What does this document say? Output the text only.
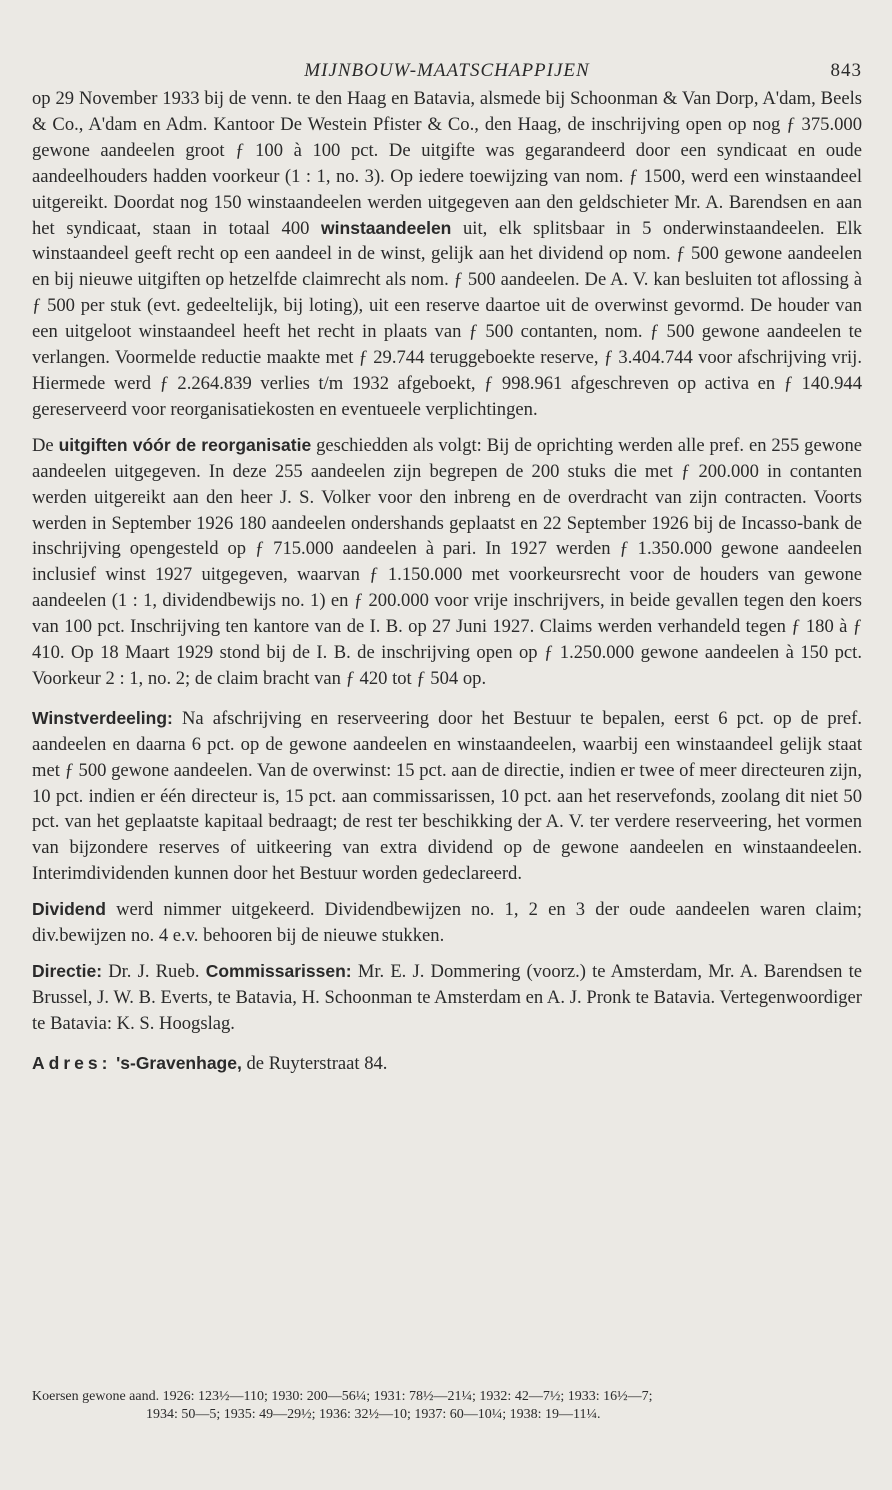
MIJNBOUW-MAATSCHAPPIJEN	843

op 29 November 1933 bij de venn. te den Haag en Batavia, alsmede bij Schoonman & Van Dorp, A'dam, Beels & Co., A'dam en Adm. Kantoor De Westein Pfister & Co., den Haag, de inschrijving open op nog ƒ 375.000 gewone aandeelen groot ƒ 100 à 100 pct. De uitgifte was gegarandeerd door een syndicaat en oude aandeelhouders hadden voorkeur (1 : 1, no. 3). Op iedere toewijzing van nom. ƒ 1500, werd een winstaandeel uitgereikt. Doordat nog 150 winstaandeelen werden uitgegeven aan den geldschieter Mr. A. Barendsen en aan het syndicaat, staan in totaal 400 winstaandeelen uit, elk splitsbaar in 5 onderwinstaandeelen. Elk winstaandeel geeft recht op een aandeel in de winst, gelijk aan het dividend op nom. ƒ 500 gewone aandeelen en bij nieuwe uitgiften op hetzelfde claimrecht als nom. ƒ 500 aandeelen. De A. V. kan besluiten tot aflossing à ƒ 500 per stuk (evt. gedeeltelijk, bij loting), uit een reserve daartoe uit de overwinst gevormd. De houder van een uitgeloot winstaandeel heeft het recht in plaats van ƒ 500 contanten, nom. ƒ 500 gewone aandeelen te verlangen. Voormelde reductie maakte met ƒ 29.744 teruggeboekte reserve, ƒ 3.404.744 voor afschrijving vrij. Hiermede werd ƒ 2.264.839 verlies t/m 1932 afgeboekt, ƒ 998.961 afgeschreven op activa en ƒ 140.944 gereserveerd voor reorganisatiekosten en eventueele verplichtingen.

De uitgiften vóór de reorganisatie geschiedden als volgt: Bij de oprichting werden alle pref. en 255 gewone aandeelen uitgegeven. In deze 255 aandeelen zijn begrepen de 200 stuks die met ƒ 200.000 in contanten werden uitgereikt aan den heer J. S. Volker voor den inbreng en de overdracht van zijn contracten. Voorts werden in September 1926 180 aandeelen ondershands geplaatst en 22 September 1926 bij de Incasso-bank de inschrijving opengesteld op ƒ 715.000 aandeelen à pari. In 1927 werden ƒ 1.350.000 gewone aandeelen inclusief winst 1927 uitgegeven, waarvan ƒ 1.150.000 met voorkeursrecht voor de houders van gewone aandeelen (1 : 1, dividendbewijs no. 1) en ƒ 200.000 voor vrije inschrijvers, in beide gevallen tegen den koers van 100 pct. Inschrijving ten kantore van de I. B. op 27 Juni 1927. Claims werden verhandeld tegen ƒ 180 à ƒ 410. Op 18 Maart 1929 stond bij de I. B. de inschrijving open op ƒ 1.250.000 gewone aandeelen à 150 pct. Voorkeur 2 : 1, no. 2; de claim bracht van ƒ 420 tot ƒ 504 op.

Winstverdeeling: Na afschrijving en reserveering door het Bestuur te bepalen, eerst 6 pct. op de pref. aandeelen en daarna 6 pct. op de gewone aandeelen en winstaandeelen, waarbij een winstaandeel gelijk staat met ƒ 500 gewone aandeelen. Van de overwinst: 15 pct. aan de directie, indien er twee of meer directeuren zijn, 10 pct. indien er één directeur is, 15 pct. aan commissarissen, 10 pct. aan het reservefonds, zoolang dit niet 50 pct. van het geplaatste kapitaal bedraagt; de rest ter beschikking der A. V. ter verdere reserveering, het vormen van bijzondere reserves of uitkeering van extra dividend op de gewone aandeelen en winstaandeelen. Interimdividenden kunnen door het Bestuur worden gedeclareerd.

Dividend werd nimmer uitgekeerd. Dividendbewijzen no. 1, 2 en 3 der oude aandeelen waren claim; div.bewijzen no. 4 e.v. behooren bij de nieuwe stukken.

Directie: Dr. J. Rueb. Commissarissen: Mr. E. J. Dommering (voorz.) te Amsterdam, Mr. A. Barendsen te Brussel, J. W. B. Everts, te Batavia, H. Schoonman te Amsterdam en A. J. Pronk te Batavia. Vertegenwoordiger te Batavia: K. S. Hoogslag.

Adres: 's-Gravenhage, de Ruyterstraat 84.

Koersen gewone aand. 1926: 123½—110; 1930: 200—56¼; 1931: 78½—21¼; 1932: 42—7½; 1933: 16½—7;
1934: 50—5; 1935: 49—29½; 1936: 32½—10; 1937: 60—10¼; 1938: 19—11¼.
